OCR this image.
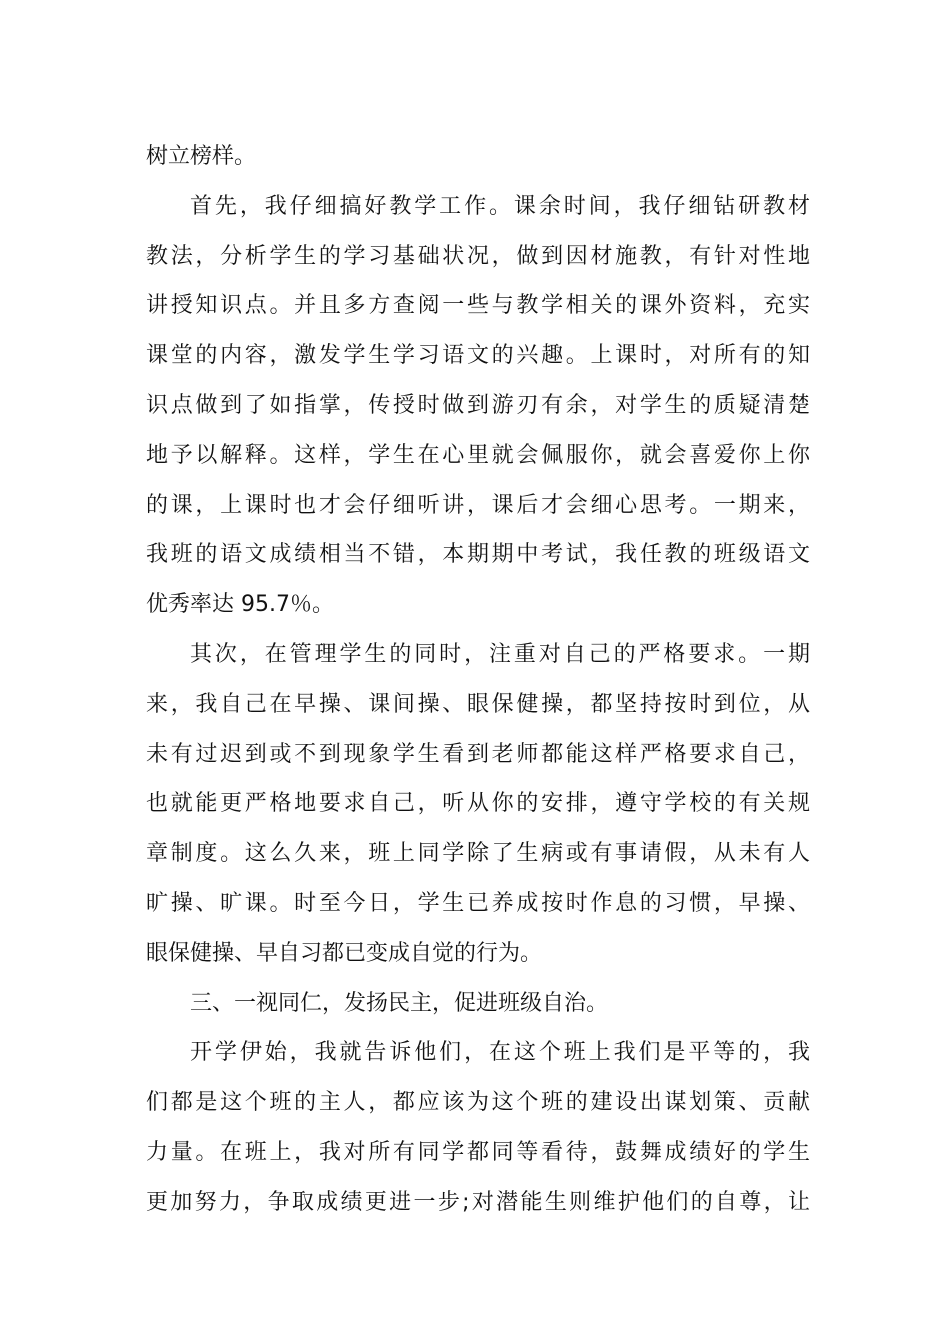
树立榜样。
首先，我仔细搞好教学工作。课余时间，我仔细钻研教材
教法，分析学生的学习基础状况，做到因材施教，有针对性地
讲授知识点。并且多方查阅一些与教学相关的课外资料，充实
课堂的内容，激发学生学习语文的兴趣。上课时，对所有的知
识点做到了如指掌，传授时做到游刃有余，对学生的质疑清楚
地予以解释。这样，学生在心里就会佩服你，就会喜爱你上你
的课，上课时也才会仔细听讲，课后才会细心思考。一期来，
我班的语文成绩相当不错，本期期中考试，我任教的班级语文
优秀率达 95.7％。
其次，在管理学生的同时，注重对自己的严格要求。一期
来，我自己在早操、课间操、眼保健操，都坚持按时到位，从
未有过迟到或不到现象学生看到老师都能这样严格要求自己，
也就能更严格地要求自己，听从你的安排，遵守学校的有关规
章制度。这么久来，班上同学除了生病或有事请假，从未有人
旷操、旷课。时至今日，学生已养成按时作息的习惯，早操、
眼保健操、早自习都已变成自觉的行为。
三、一视同仁，发扬民主，促进班级自治。
开学伊始，我就告诉他们，在这个班上我们是平等的，我
们都是这个班的主人，都应该为这个班的建设出谋划策、贡献
力量。在班上，我对所有同学都同等看待，鼓舞成绩好的学生
更加努力，争取成绩更进一步;对潜能生则维护他们的自尊，让
